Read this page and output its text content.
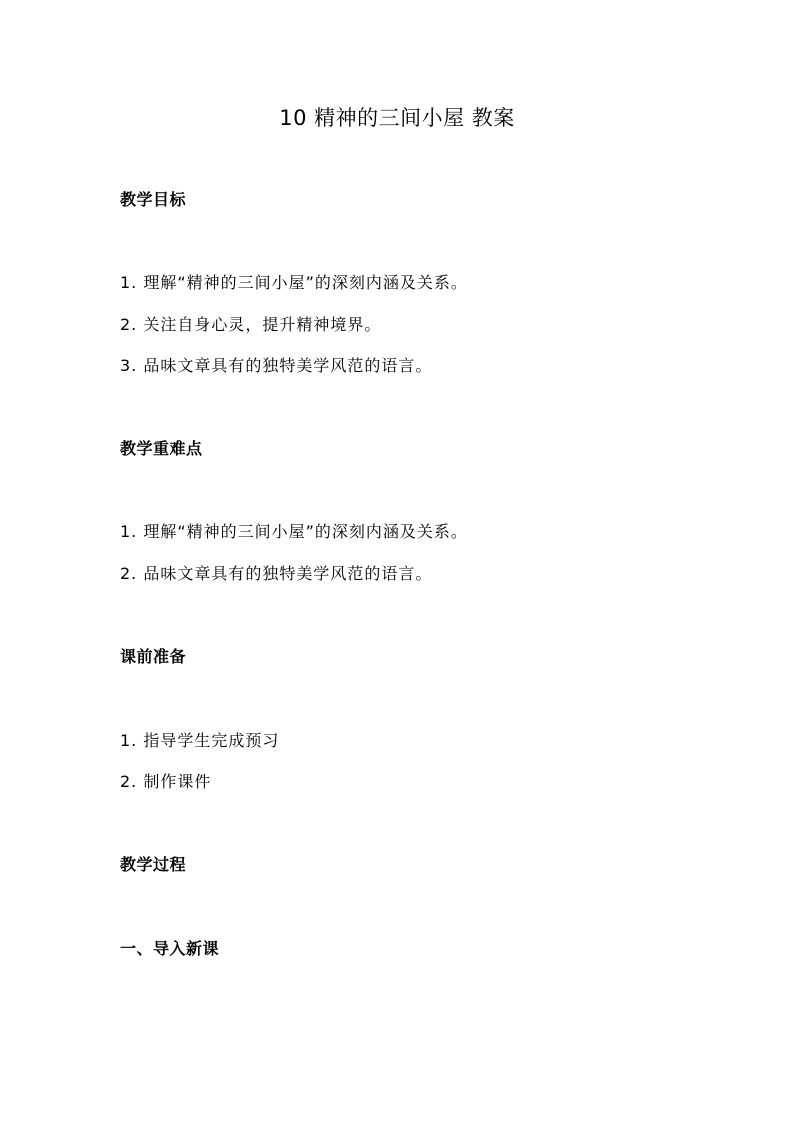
10 精神的三间小屋 教案
教学目标
1. 理解“精神的三间小屋”的深刻内涵及关系。
2. 关注自身心灵，提升精神境界。
3. 品味文章具有的独特美学风范的语言。
教学重难点
1. 理解“精神的三间小屋”的深刻内涵及关系。
2. 品味文章具有的独特美学风范的语言。
课前准备
1. 指导学生完成预习
2. 制作课件
教学过程
一、导入新课
